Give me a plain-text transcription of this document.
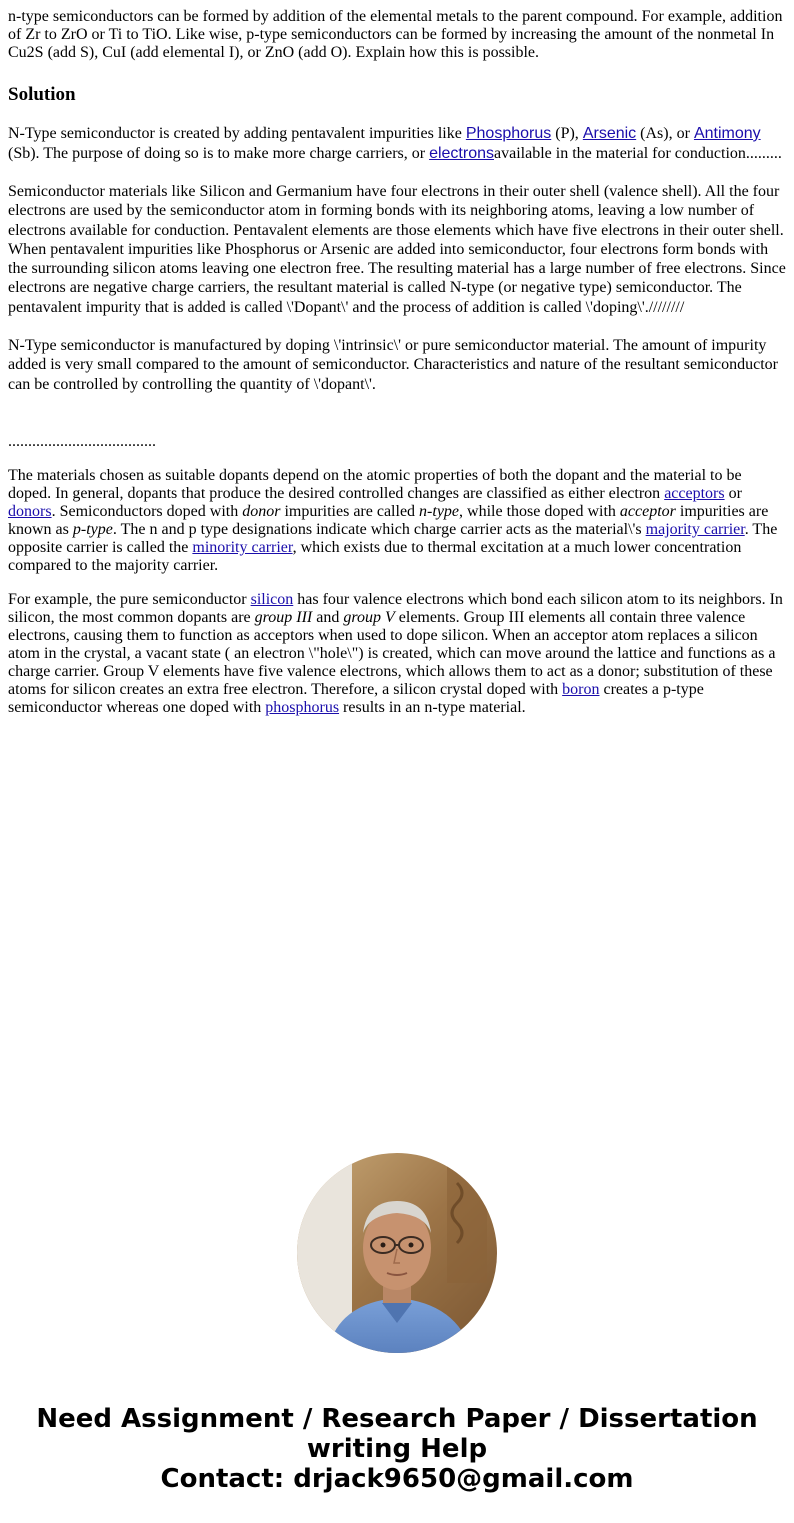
n-type semiconductors can be formed by addition of the elemental metals to the parent compound. For example, addition of Zr to ZrO or Ti to TiO. Like wise, p-type semiconductors can be formed by increasing the amount of the nonmetal In Cu2S (add S), CuI (add elemental I), or ZnO (add O). Explain how this is possible.

Solution

N-Type semiconductor is created by adding pentavalent impurities like Phosphorus (P), Arsenic (As), or Antimony (Sb). The purpose of doing so is to make more charge carriers, or electronsavailable in the material for conduction.........

Semiconductor materials like Silicon and Germanium have four electrons in their outer shell (valence shell). All the four electrons are used by the semiconductor atom in forming bonds with its neighboring atoms, leaving a low number of electrons available for conduction. Pentavalent elements are those elements which have five electrons in their outer shell. When pentavalent impurities like Phosphorus or Arsenic are added into semiconductor, four electrons form bonds with the surrounding silicon atoms leaving one electron free. The resulting material has a large number of free electrons. Since electrons are negative charge carriers, the resultant material is called N-type (or negative type) semiconductor. The pentavalent impurity that is added is called \'Dopant\' and the process of addition is called \'doping\'.////////

N-Type semiconductor is manufactured by doping \'intrinsic\' or pure semiconductor material. The amount of impurity added is very small compared to the amount of semiconductor. Characteristics and nature of the resultant semiconductor can be controlled by controlling the quantity of \'dopant\'.

.....................................

The materials chosen as suitable dopants depend on the atomic properties of both the dopant and the material to be doped. In general, dopants that produce the desired controlled changes are classified as either electron acceptors or donors. Semiconductors doped with donor impurities are called n-type, while those doped with acceptor impurities are known as p-type. The n and p type designations indicate which charge carrier acts as the material\'s majority carrier. The opposite carrier is called the minority carrier, which exists due to thermal excitation at a much lower concentration compared to the majority carrier.

For example, the pure semiconductor silicon has four valence electrons which bond each silicon atom to its neighbors. In silicon, the most common dopants are group III and group V elements. Group III elements all contain three valence electrons, causing them to function as acceptors when used to dope silicon. When an acceptor atom replaces a silicon atom in the crystal, a vacant state ( an electron \"hole\") is created, which can move around the lattice and functions as a charge carrier. Group V elements have five valence electrons, which allows them to act as a donor; substitution of these atoms for silicon creates an extra free electron. Therefore, a silicon crystal doped with boron creates a p-type semiconductor whereas one doped with phosphorus results in an n-type material.

Need Assignment / Research Paper / Dissertation
writing Help
Contact: drjack9650@gmail.com
